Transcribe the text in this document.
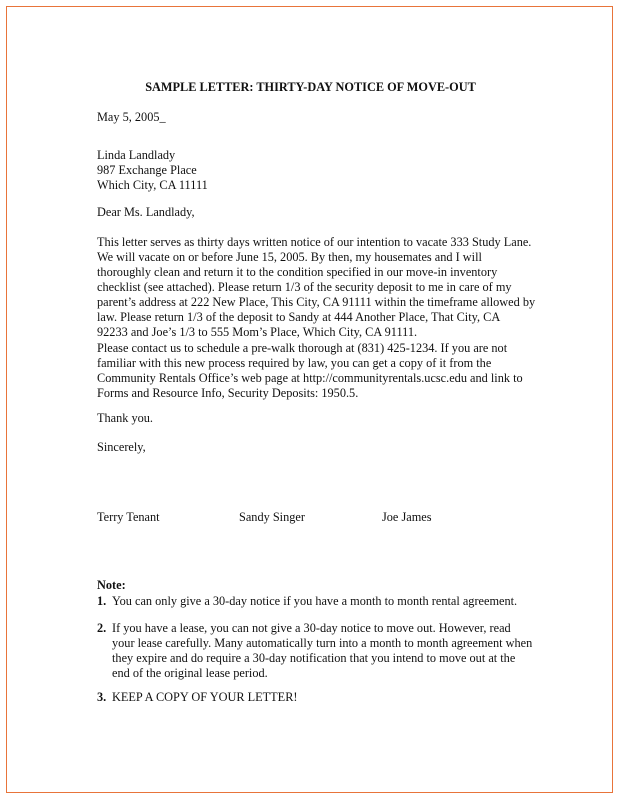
SAMPLE LETTER: THIRTY-DAY NOTICE OF MOVE-OUT
May 5, 2005_
Linda Landlady
987 Exchange Place
Which City, CA 11111
Dear Ms. Landlady,
This letter serves as thirty days written notice of our intention to vacate 333 Study Lane.
We will vacate on or before June 15, 2005. By then, my housemates and I will
thoroughly clean and return it to the condition specified in our move-in inventory
checklist (see attached). Please return 1/3 of the security deposit to me in care of my
parent’s address at 222 New Place, This City, CA 91111 within the timeframe allowed by
law. Please return 1/3 of the deposit to Sandy at 444 Another Place, That City, CA
92233 and Joe’s 1/3 to 555 Mom’s Place, Which City, CA 91111.
Please contact us to schedule a pre-walk thorough at (831) 425-1234. If you are not
familiar with this new process required by law, you can get a copy of it from the
Community Rentals Office’s web page at http://communityrentals.ucsc.edu and link to
Forms and Resource Info, Security Deposits: 1950.5.
Thank you.
Sincerely,
Terry Tenant	Sandy Singer	Joe James
Note:
1. You can only give a 30-day notice if you have a month to month rental agreement.
2. If you have a lease, you can not give a 30-day notice to move out. However, read
your lease carefully. Many automatically turn into a month to month agreement when
they expire and do require a 30-day notification that you intend to move out at the
end of the original lease period.
3. KEEP A COPY OF YOUR LETTER!
